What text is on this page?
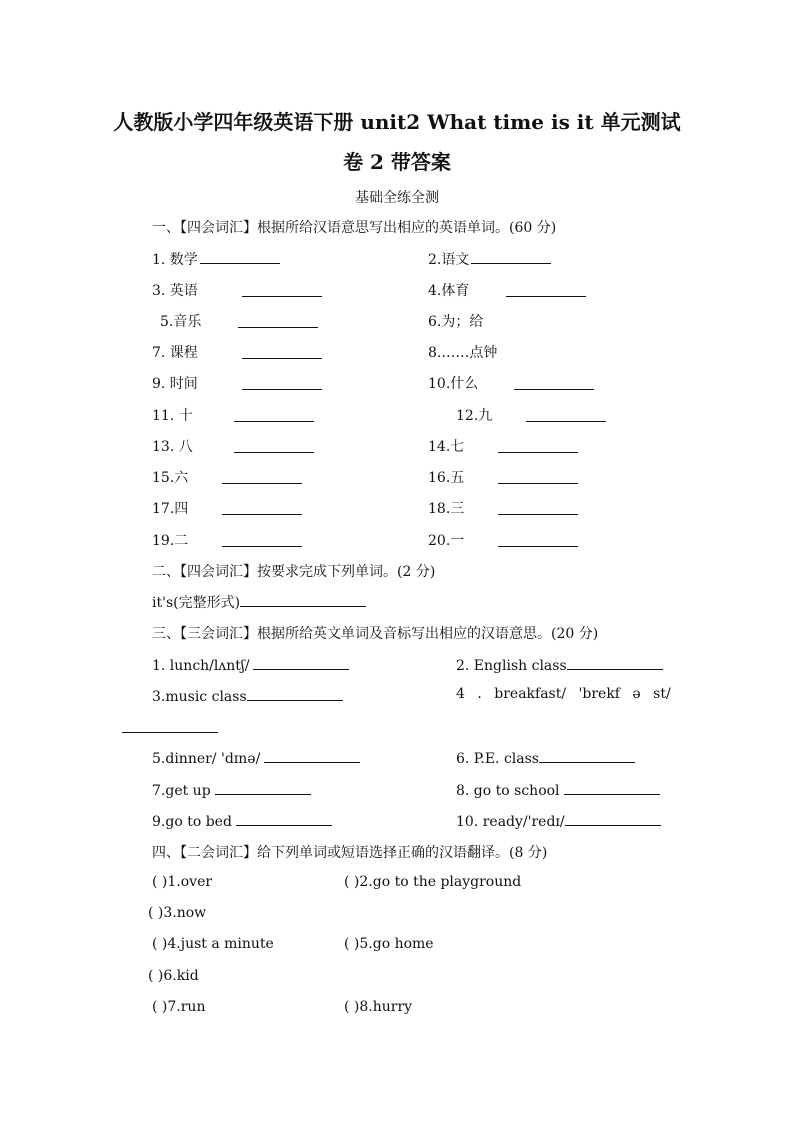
人教版小学四年级英语下册 unit2 What time is it 单元测试
卷 2 带答案
基础全练全测
一、【四会词汇】根据所给汉语意思写出相应的英语单词。(60 分)
1. 数学	2.语文
3. 英语	4.体育
5.音乐	6.为；给
7. 课程	8.……点钟
9. 时间	10.什么
11. 十	12.九
13. 八	14.七
15.六	16.五
17.四	18.三
19.二	20.一
二、【四会词汇】按要求完成下列单词。(2 分)
it's(完整形式)
三、【三会词汇】根据所给英文单词及音标写出相应的汉语意思。(20 分)
1. lunch/lʌntʃ/	2. English class
3.music class	4 . breakfast/ 'brekf ə st/
5.dinner/ 'dɪnə/	6. P.E. class
7.get up	8. go to school
9.go to bed	10. ready/'redɪ/
四、【二会词汇】给下列单词或短语选择正确的汉语翻译。(8 分)
( )1.over	( )2.go to the playground
( )3.now
( )4.just a minute	( )5.go home
( )6.kid
( )7.run	( )8.hurry
